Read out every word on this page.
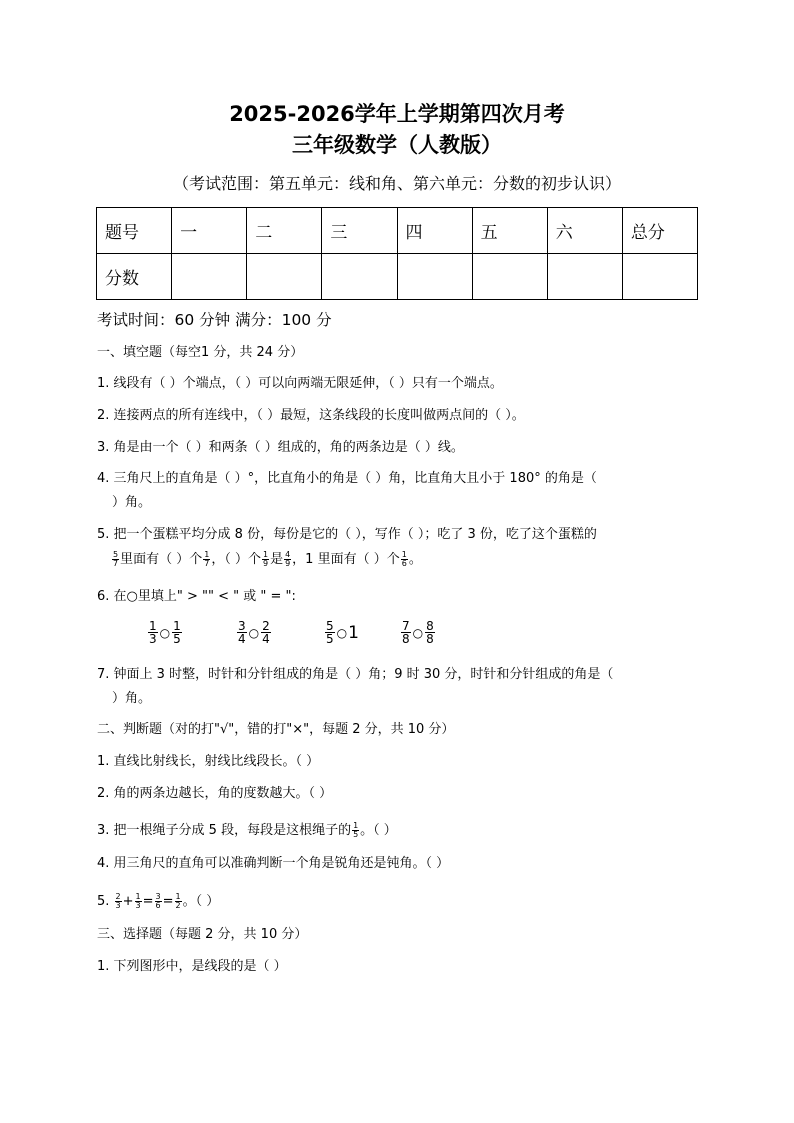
2025-2026学年上学期第四次月考
三年级数学（人教版）
（考试范围：第五单元：线和角、第六单元：分数的初步认识）
题号	一	二	三	四	五	六	总分
分数							
考试时间：60 分钟 满分：100 分
一、填空题（每空1 分，共 24 分）
1. 线段有（ ）个端点，（ ）可以向两端无限延伸，（ ）只有一个端点。
2. 连接两点的所有连线中，（ ）最短，这条线段的长度叫做两点间的（ ）。
3. 角是由一个（ ）和两条（ ）组成的，角的两条边是（ ）线。
4. 三角尺上的直角是（ ）°，比直角小的角是（ ）角，比直角大且小于 180° 的角是（
）角。
5. 把一个蛋糕平均分成 8 份，每份是它的（ ），写作（ ）；吃了 3 份，吃了这个蛋糕的
$\frac{5}{7}$ 里面有（ ）个 $\frac{1}{7}$ ，（ ）个 $\frac{1}{9}$ 是 $\frac{4}{9}$ ，1 里面有（ ）个 $\frac{1}{6}$ 。
6. 在○里填上" > "" < " 或 " = ":
$\frac{1}{3}$ ○ $\frac{1}{5}$	$\frac{3}{4}$ ○ $\frac{2}{4}$	$\frac{5}{5}$ ○ 1	$\frac{7}{8}$ ○ $\frac{8}{8}$
7. 钟面上 3 时整，时针和分针组成的角是（ ）角；9 时 30 分，时针和分针组成的角是（
）角。
二、判断题（对的打"√"，错的打"×"，每题 2 分，共 10 分）
1. 直线比射线长，射线比线段长。（ ）
2. 角的两条边越长，角的度数越大。（ ）
3. 把一根绳子分成 5 段，每段是这根绳子的 $\frac{1}{5}$ 。（ ）
4. 用三角尺的直角可以准确判断一个角是锐角还是钝角。（ ）
5. $\frac{2}{3} + \frac{1}{3} = \frac{3}{6} = \frac{1}{2}$ 。（ ）
三、选择题（每题 2 分，共 10 分）
1. 下列图形中，是线段的是（ ）
